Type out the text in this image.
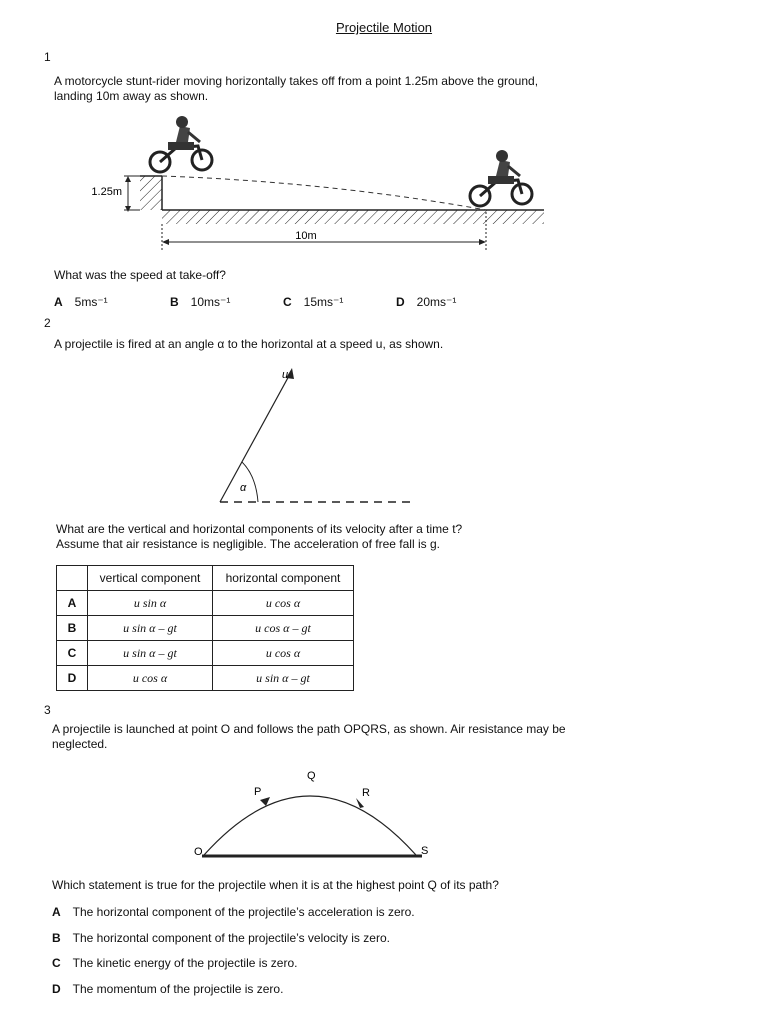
Projectile Motion
1
A motorcycle stunt-rider moving horizontally takes off from a point 1.25m above the ground,
landing 10m away as shown.
1.25m
10m
What was the speed at take-off?
A 5ms⁻¹	B 10ms⁻¹	C 15ms⁻¹	D 20ms⁻¹
2
A projectile is fired at an angle α to the horizontal at a speed u, as shown.
u
α
What are the vertical and horizontal components of its velocity after a time t?
Assume that air resistance is negligible. The acceleration of free fall is g.
	vertical component	horizontal component
A	u sin α	u cos α
B	u sin α – gt	u cos α – gt
C	u sin α – gt	u cos α
D	u cos α	u sin α – gt
3
A projectile is launched at point O and follows the path OPQRS, as shown. Air resistance may be
neglected.
O
P
Q
R
S
Which statement is true for the projectile when it is at the highest point Q of its path?
A The horizontal component of the projectile’s acceleration is zero.
B The horizontal component of the projectile’s velocity is zero.
C The kinetic energy of the projectile is zero.
D The momentum of the projectile is zero.
